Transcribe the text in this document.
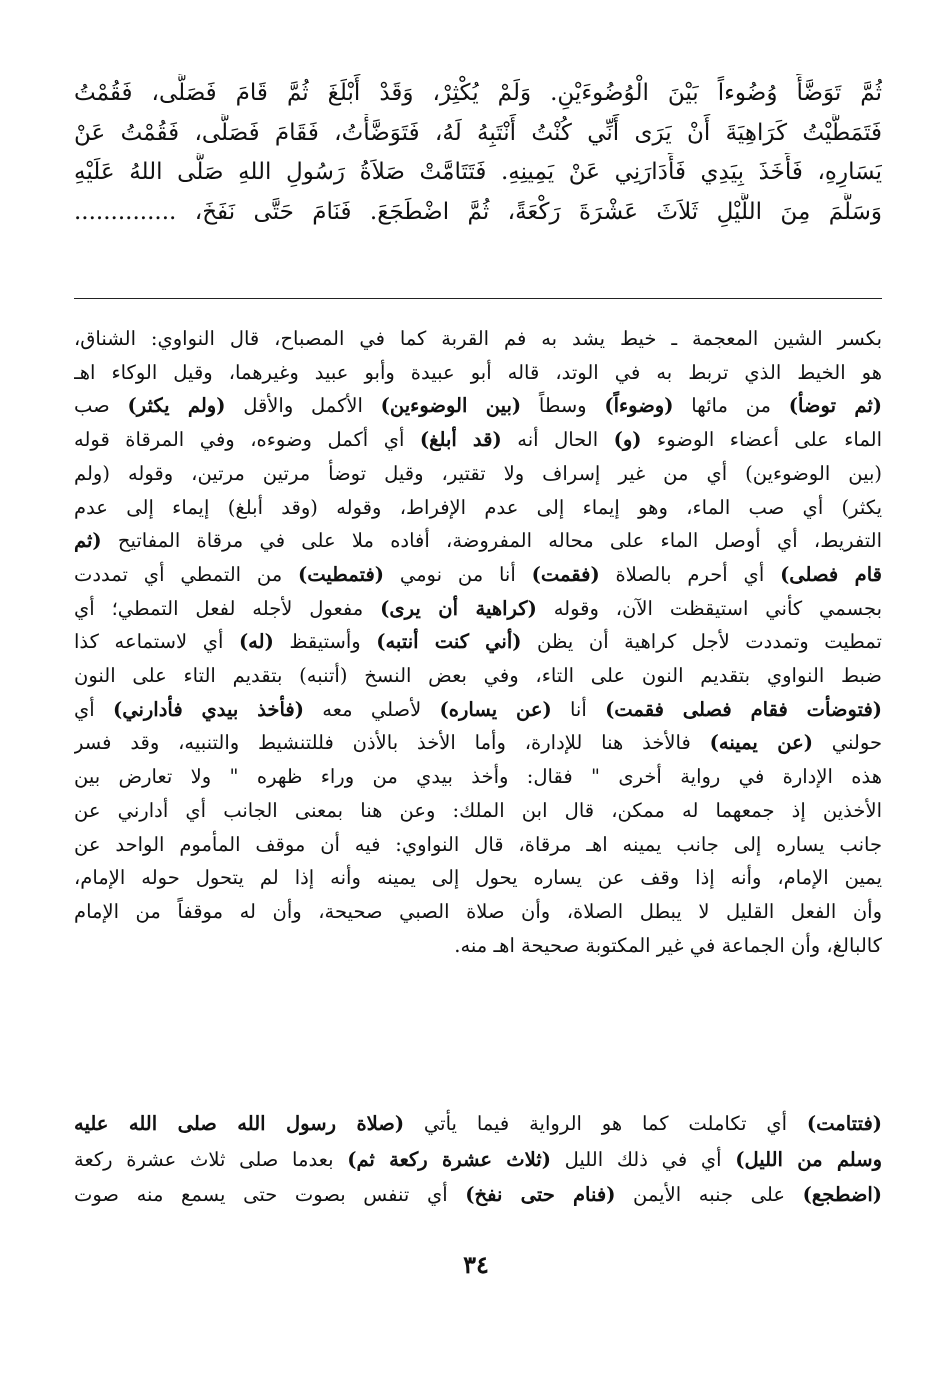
ثُمَّ تَوَضَّأَ وُضُوءاً بَيْنَ الْوُضُوءَيْنِ. وَلَمْ يُكْثِرْ، وَقَدْ أَبْلَغَ ثُمَّ قَامَ فَصَلَّى، فَقُمْتُ
فَتَمَطَّيْتُ كَرَاهِيَةَ أَنْ يَرَى أَنِّي كُنْتُ أَنْتَبِهُ لَهُ، فَتَوَضَّأْتُ، فَقَامَ فَصَلَّى، فَقُمْتُ عَنْ
يَسَارِهِ، فَأَخَذَ بِيَدِي فَأَدَارَنِي عَنْ يَمِينِهِ. فَتَتَامَّتْ صَلاَةُ رَسُولِ اللهِ صَلَّى اللهُ عَلَيْهِ
وَسَلَّمَ مِنَ اللَّيْلِ ثَلاَثَ عَشْرَةَ رَكْعَةً، ثُمَّ اضْطَجَعَ. فَنَامَ حَتَّى نَفَخَ، ..............
بكسر الشين المعجمة ـ خيط يشد به فم القربة كما في المصباح، قال النواوي: الشناق،
هو الخيط الذي تربط به في الوتد، قاله أبو عبيدة وأبو عبيد وغيرهما، وقيل الوكاء اهـ
(ثم توضأ) من مائها (وضوءاً) وسطاً (بين الوضوءين) الأكمل والأقل (ولم يكثر) صب
الماء على أعضاء الوضوء (و) الحال أنه (قد أبلغ) أي أكمل وضوءه، وفي المرقاة قوله
(بين الوضوءين) أي من غير إسراف ولا تقتير، وقيل توضأ مرتين مرتين، وقوله (ولم
يكثر) أي صب الماء، وهو إيماء إلى عدم الإفراط، وقوله (وقد أبلغ) إيماء إلى عدم
التفريط، أي أوصل الماء على محاله المفروضة، أفاده ملا على في مرقاة المفاتيح (ثم
قام فصلى) أي أحرم بالصلاة (فقمت) أنا من نومي (فتمطيت) من التمطي أي تمددت
بجسمي كأني استيقظت الآن، وقوله (كراهية أن يرى) مفعول لأجله لفعل التمطي؛ أي
تمطيت وتمددت لأجل كراهية أن يظن (أني كنت أنتبه) وأستيقظ (له) أي لاستماعه كذا
ضبط النواوي بتقديم النون على التاء، وفي بعض النسخ (أتنبه) بتقديم التاء على النون
(فتوضأت فقام فصلى فقمت) أنا (عن يساره) لأصلي معه (فأخذ بيدي فأدارني) أي
حولني (عن يمينه) فالأخذ هنا للإدارة، وأما الأخذ بالأذن فللتنشيط والتنبيه، وقد فسر
هذه الإدارة في رواية أخرى " فقال: وأخذ بيدي من وراء ظهره " ولا تعارض بين
الأخذين إذ جمعهما له ممكن، قال ابن الملك: وعن هنا بمعنى الجانب أي أدارني عن
جانب يساره إلى جانب يمينه اهـ مرقاة، قال النواوي: فيه أن موقف المأموم الواحد عن
يمين الإمام، وأنه إذا وقف عن يساره يحول إلى يمينه وأنه إذا لم يتحول حوله الإمام،
وأن الفعل القليل لا يبطل الصلاة، وأن صلاة الصبي صحيحة، وأن له موقفاً من الإمام
كالبالغ، وأن الجماعة في غير المكتوبة صحيحة اهـ منه.
(فتتامت) أي تكاملت كما هو الرواية فيما يأتي (صلاة رسول الله صلى الله عليه
وسلم من الليل) أي في ذلك الليل (ثلاث عشرة ركعة ثم) بعدما صلى ثلاث عشرة ركعة
(اضطجع) على جنبه الأيمن (فنام حتى نفخ) أي تنفس بصوت حتى يسمع منه صوت
٣٤
